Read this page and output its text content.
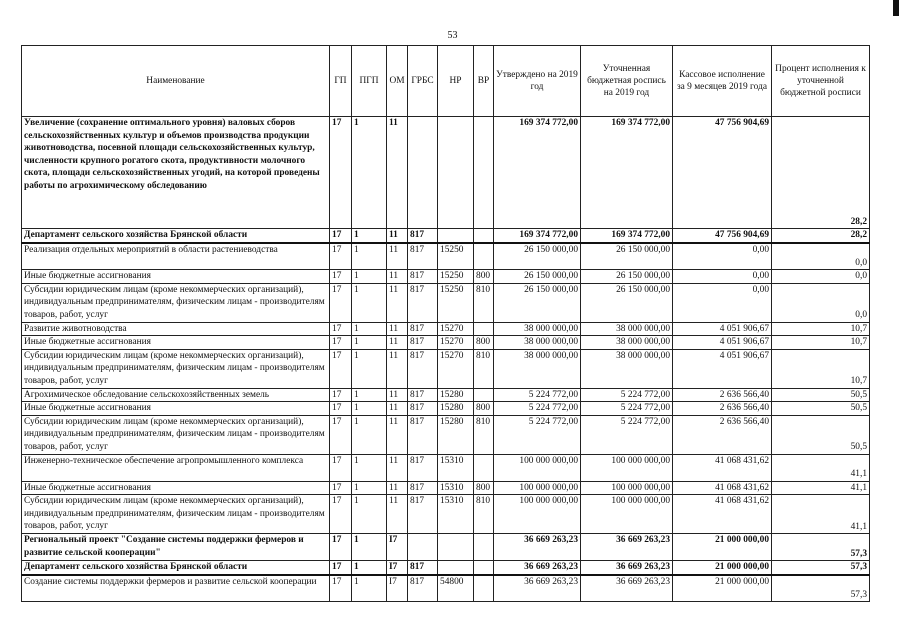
53
Наименование	ГП	ПГП	ОМ	ГРБС	НР	ВР	Утверждено на 2019 год	Уточненная бюджетная роспись на 2019 год	Кассовое исполнение за 9 месяцев 2019 года	Процент исполнения к уточненной бюджетной росписи
Увеличение (сохранение оптимального уровня) валовых сборов сельскохозяйственных культур и объемов производства продукции животноводства, посевной площади сельскохозяйственных культур, численности крупного рогатого скота, продуктивности молочного скота, площади сельскохозяйственных угодий, на которой проведены работы по агрохимическому обследованию	17	1	11				169 374 772,00	169 374 772,00	47 756 904,69	28,2
Департамент сельского хозяйства Брянской области	17	1	11	817			169 374 772,00	169 374 772,00	47 756 904,69	28,2
Реализация отдельных мероприятий в области растениеводства	17	1	11	817	15250		26 150 000,00	26 150 000,00	0,00	0,0
Иные бюджетные ассигнования	17	1	11	817	15250	800	26 150 000,00	26 150 000,00	0,00	0,0
Субсидии юридическим лицам (кроме некоммерческих организаций), индивидуальным предпринимателям, физическим лицам - производителям товаров, работ, услуг	17	1	11	817	15250	810	26 150 000,00	26 150 000,00	0,00	0,0
Развитие животноводства	17	1	11	817	15270		38 000 000,00	38 000 000,00	4 051 906,67	10,7
Иные бюджетные ассигнования	17	1	11	817	15270	800	38 000 000,00	38 000 000,00	4 051 906,67	10,7
Субсидии юридическим лицам (кроме некоммерческих организаций), индивидуальным предпринимателям, физическим лицам - производителям товаров, работ, услуг	17	1	11	817	15270	810	38 000 000,00	38 000 000,00	4 051 906,67	10,7
Агрохимическое обследование сельскохозяйственных земель	17	1	11	817	15280		5 224 772,00	5 224 772,00	2 636 566,40	50,5
Иные бюджетные ассигнования	17	1	11	817	15280	800	5 224 772,00	5 224 772,00	2 636 566,40	50,5
Субсидии юридическим лицам (кроме некоммерческих организаций), индивидуальным предпринимателям, физическим лицам - производителям товаров, работ, услуг	17	1	11	817	15280	810	5 224 772,00	5 224 772,00	2 636 566,40	50,5
Инженерно-техническое обеспечение агропромышленного комплекса	17	1	11	817	15310		100 000 000,00	100 000 000,00	41 068 431,62	41,1
Иные бюджетные ассигнования	17	1	11	817	15310	800	100 000 000,00	100 000 000,00	41 068 431,62	41,1
Субсидии юридическим лицам (кроме некоммерческих организаций), индивидуальным предпринимателям, физическим лицам - производителям товаров, работ, услуг	17	1	11	817	15310	810	100 000 000,00	100 000 000,00	41 068 431,62	41,1
Региональный проект "Создание системы поддержки фермеров и развитие сельской кооперации"	17	1	I7				36 669 263,23	36 669 263,23	21 000 000,00	57,3
Департамент сельского хозяйства Брянской области	17	1	I7	817			36 669 263,23	36 669 263,23	21 000 000,00	57,3
Создание системы поддержки фермеров и развитие сельской кооперации	17	1	I7	817	54800		36 669 263,23	36 669 263,23	21 000 000,00	57,3
